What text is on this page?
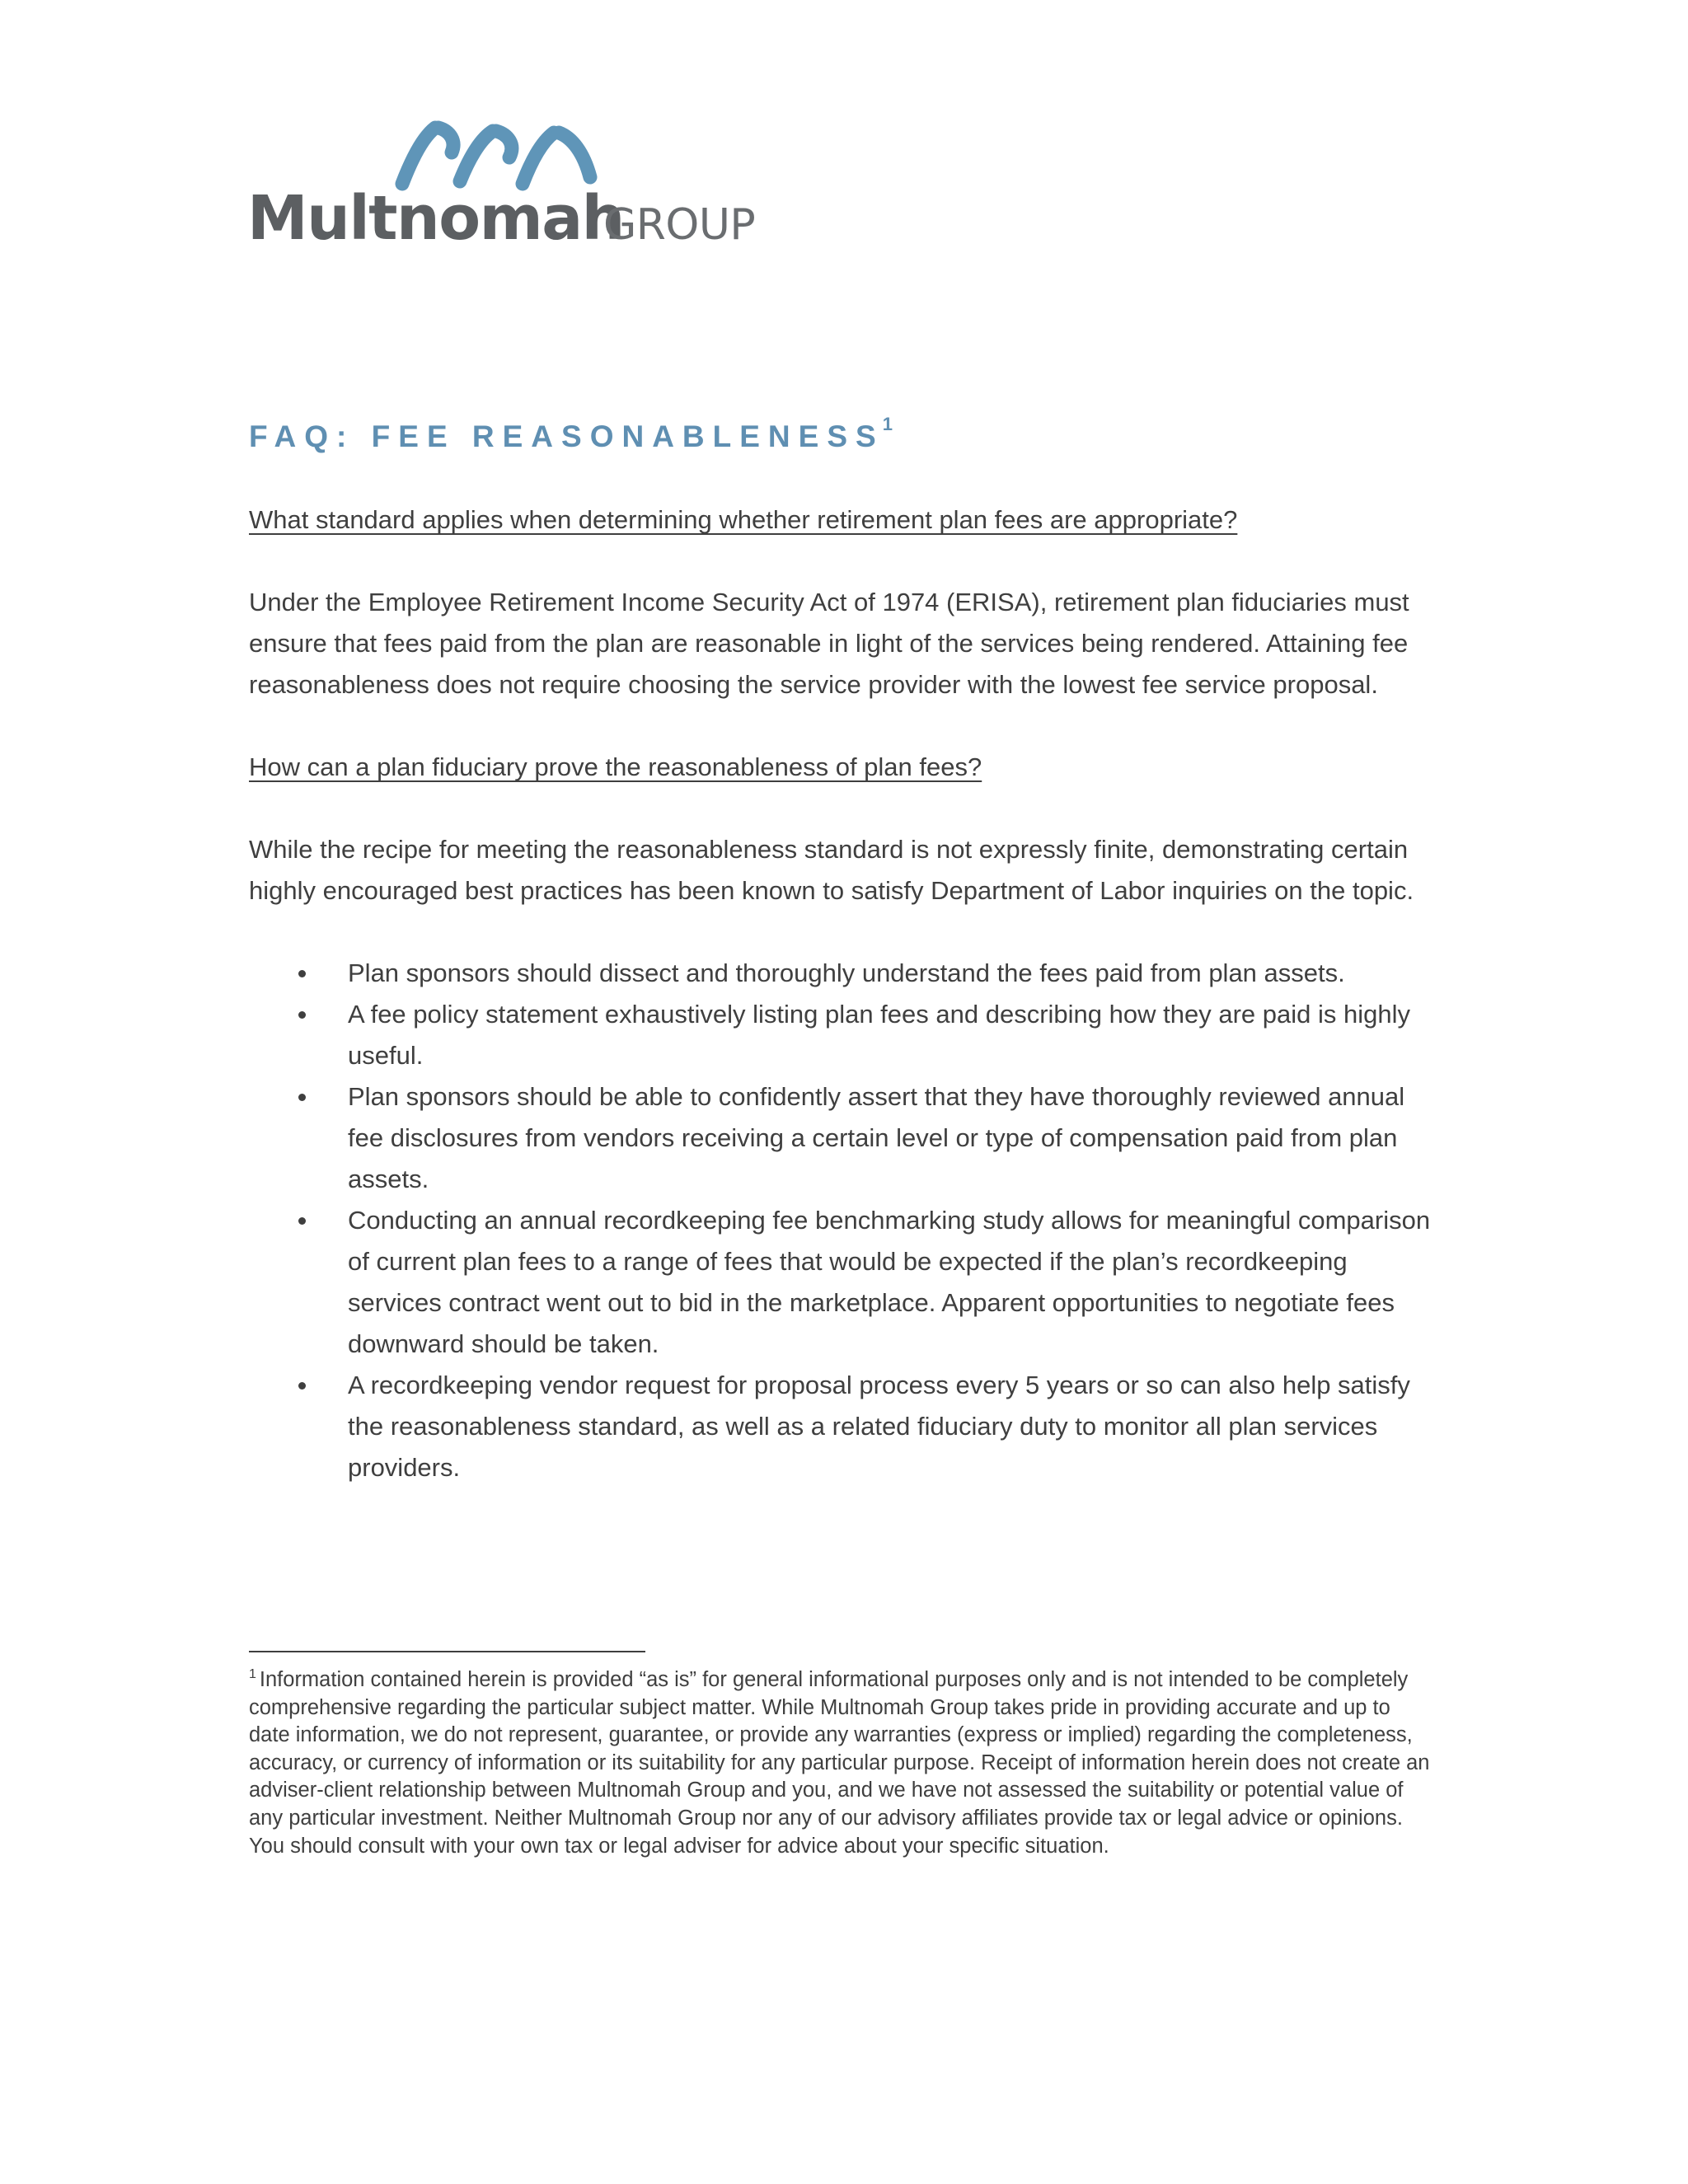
Multnomah
GROUP
FAQ: FEE REASONABLENESS$^1$

What standard applies when determining whether retirement plan fees are appropriate?

Under the Employee Retirement Income Security Act of 1974 (ERISA), retirement plan fiduciaries must ensure that fees paid from the plan are reasonable in light of the services being rendered. Attaining fee reasonableness does not require choosing the service provider with the lowest fee service proposal.

How can a plan fiduciary prove the reasonableness of plan fees?

While the recipe for meeting the reasonableness standard is not expressly finite, demonstrating certain highly encouraged best practices has been known to satisfy Department of Labor inquiries on the topic.

Plan sponsors should dissect and thoroughly understand the fees paid from plan assets.
A fee policy statement exhaustively listing plan fees and describing how they are paid is highly useful.
Plan sponsors should be able to confidently assert that they have thoroughly reviewed annual fee disclosures from vendors receiving a certain level or type of compensation paid from plan assets.
Conducting an annual recordkeeping fee benchmarking study allows for meaningful comparison of current plan fees to a range of fees that would be expected if the plan’s recordkeeping services contract went out to bid in the marketplace. Apparent opportunities to negotiate fees downward should be taken.
A recordkeeping vendor request for proposal process every 5 years or so can also help satisfy the reasonableness standard, as well as a related fiduciary duty to monitor all plan services providers.

$^1$ Information contained herein is provided “as is” for general informational purposes only and is not intended to be completely comprehensive regarding the particular subject matter. While Multnomah Group takes pride in providing accurate and up to date information, we do not represent, guarantee, or provide any warranties (express or implied) regarding the completeness, accuracy, or currency of information or its suitability for any particular purpose. Receipt of information herein does not create an adviser-client relationship between Multnomah Group and you, and we have not assessed the suitability or potential value of any particular investment. Neither Multnomah Group nor any of our advisory affiliates provide tax or legal advice or opinions. You should consult with your own tax or legal adviser for advice about your specific situation.
